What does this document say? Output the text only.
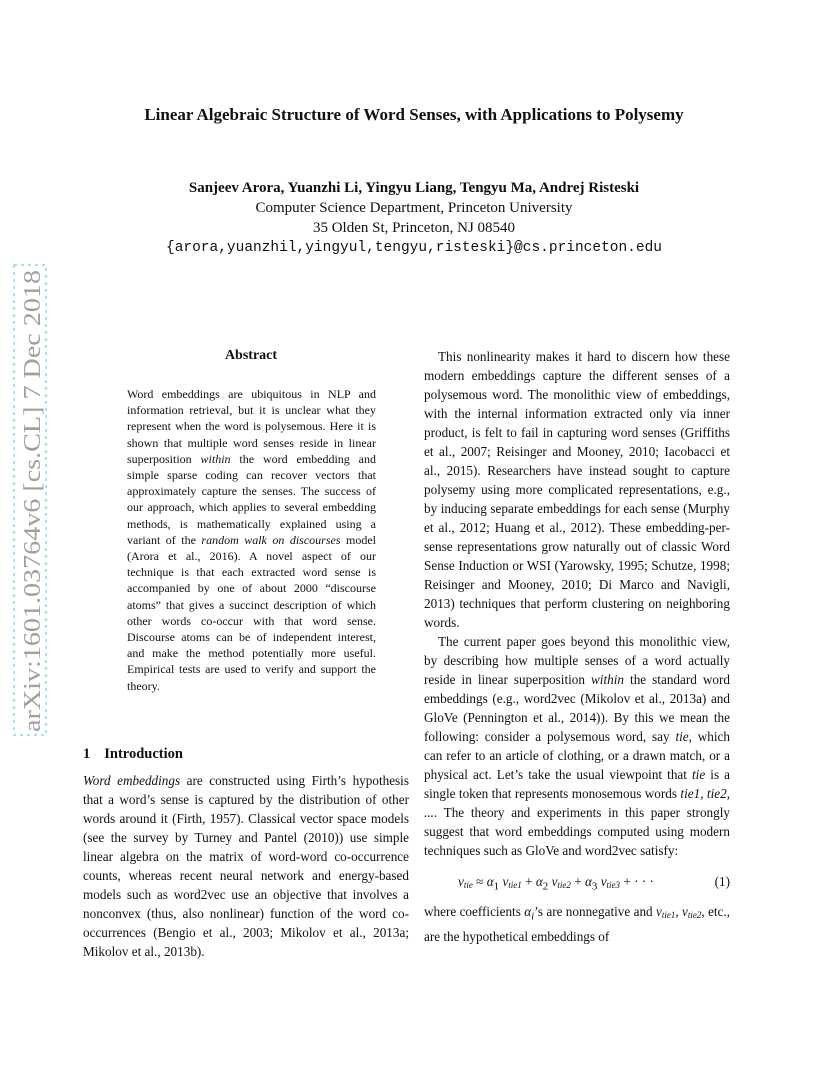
Linear Algebraic Structure of Word Senses, with Applications to Polysemy
Sanjeev Arora, Yuanzhi Li, Yingyu Liang, Tengyu Ma, Andrej Risteski
Computer Science Department, Princeton University
35 Olden St, Princeton, NJ 08540
{arora,yuanzhil,yingyul,tengyu,risteski}@cs.princeton.edu
arXiv:1601.03764v6 [cs.CL] 7 Dec 2018	Abstract
Word embeddings are ubiquitous in NLP and information retrieval, but it is unclear what they represent when the word is polysemous. Here it is shown that multiple word senses reside in linear superposition within the word embedding and simple sparse coding can recover vectors that approximately capture the senses. The success of our approach, which applies to several embedding methods, is mathematically explained using a variant of the random walk on discourses model (Arora et al., 2016). A novel aspect of our technique is that each extracted word sense is accompanied by one of about 2000 “discourse atoms” that gives a succinct description of which other words co-occur with that word sense. Discourse atoms can be of independent interest, and make the method potentially more useful. Empirical tests are used to verify and support the theory.
1 Introduction
Word embeddings are constructed using Firth’s hypothesis that a word’s sense is captured by the distribution of other words around it (Firth, 1957). Classical vector space models (see the survey by Turney and Pantel (2010)) use simple linear algebra on the matrix of word-word co-occurrence counts, whereas recent neural network and energy-based models such as word2vec use an objective that involves a nonconvex (thus, also nonlinear) function of the word co-occurrences (Bengio et al., 2003; Mikolov et al., 2013a; Mikolov et al., 2013b).

This nonlinearity makes it hard to discern how these modern embeddings capture the different senses of a polysemous word. The monolithic view of embeddings, with the internal information extracted only via inner product, is felt to fail in capturing word senses (Griffiths et al., 2007; Reisinger and Mooney, 2010; Iacobacci et al., 2015). Researchers have instead sought to capture polysemy using more complicated representations, e.g., by inducing separate embeddings for each sense (Murphy et al., 2012; Huang et al., 2012). These embedding-per-sense representations grow naturally out of classic Word Sense Induction or WSI (Yarowsky, 1995; Schutze, 1998; Reisinger and Mooney, 2010; Di Marco and Navigli, 2013) techniques that perform clustering on neighboring words.

The current paper goes beyond this monolithic view, by describing how multiple senses of a word actually reside in linear superposition within the standard word embeddings (e.g., word2vec (Mikolov et al., 2013a) and GloVe (Pennington et al., 2014)). By this we mean the following: consider a polysemous word, say tie, which can refer to an article of clothing, or a drawn match, or a physical act. Let’s take the usual viewpoint that tie is a single token that represents monosemous words tie1, tie2, .... The theory and experiments in this paper strongly suggest that word embeddings computed using modern techniques such as GloVe and word2vec satisfy:

$v_{tie} \approx \alpha_1$ $v_{tie1} + \alpha_2$ $v_{tie2} + \alpha_3$ $v_{tie3}$ + · · ·	(1)

where coefficients $\alpha_i’s$ are nonnegative and $v_{tie1}$, $v_{tie2}$, etc., are the hypothetical embeddings of
